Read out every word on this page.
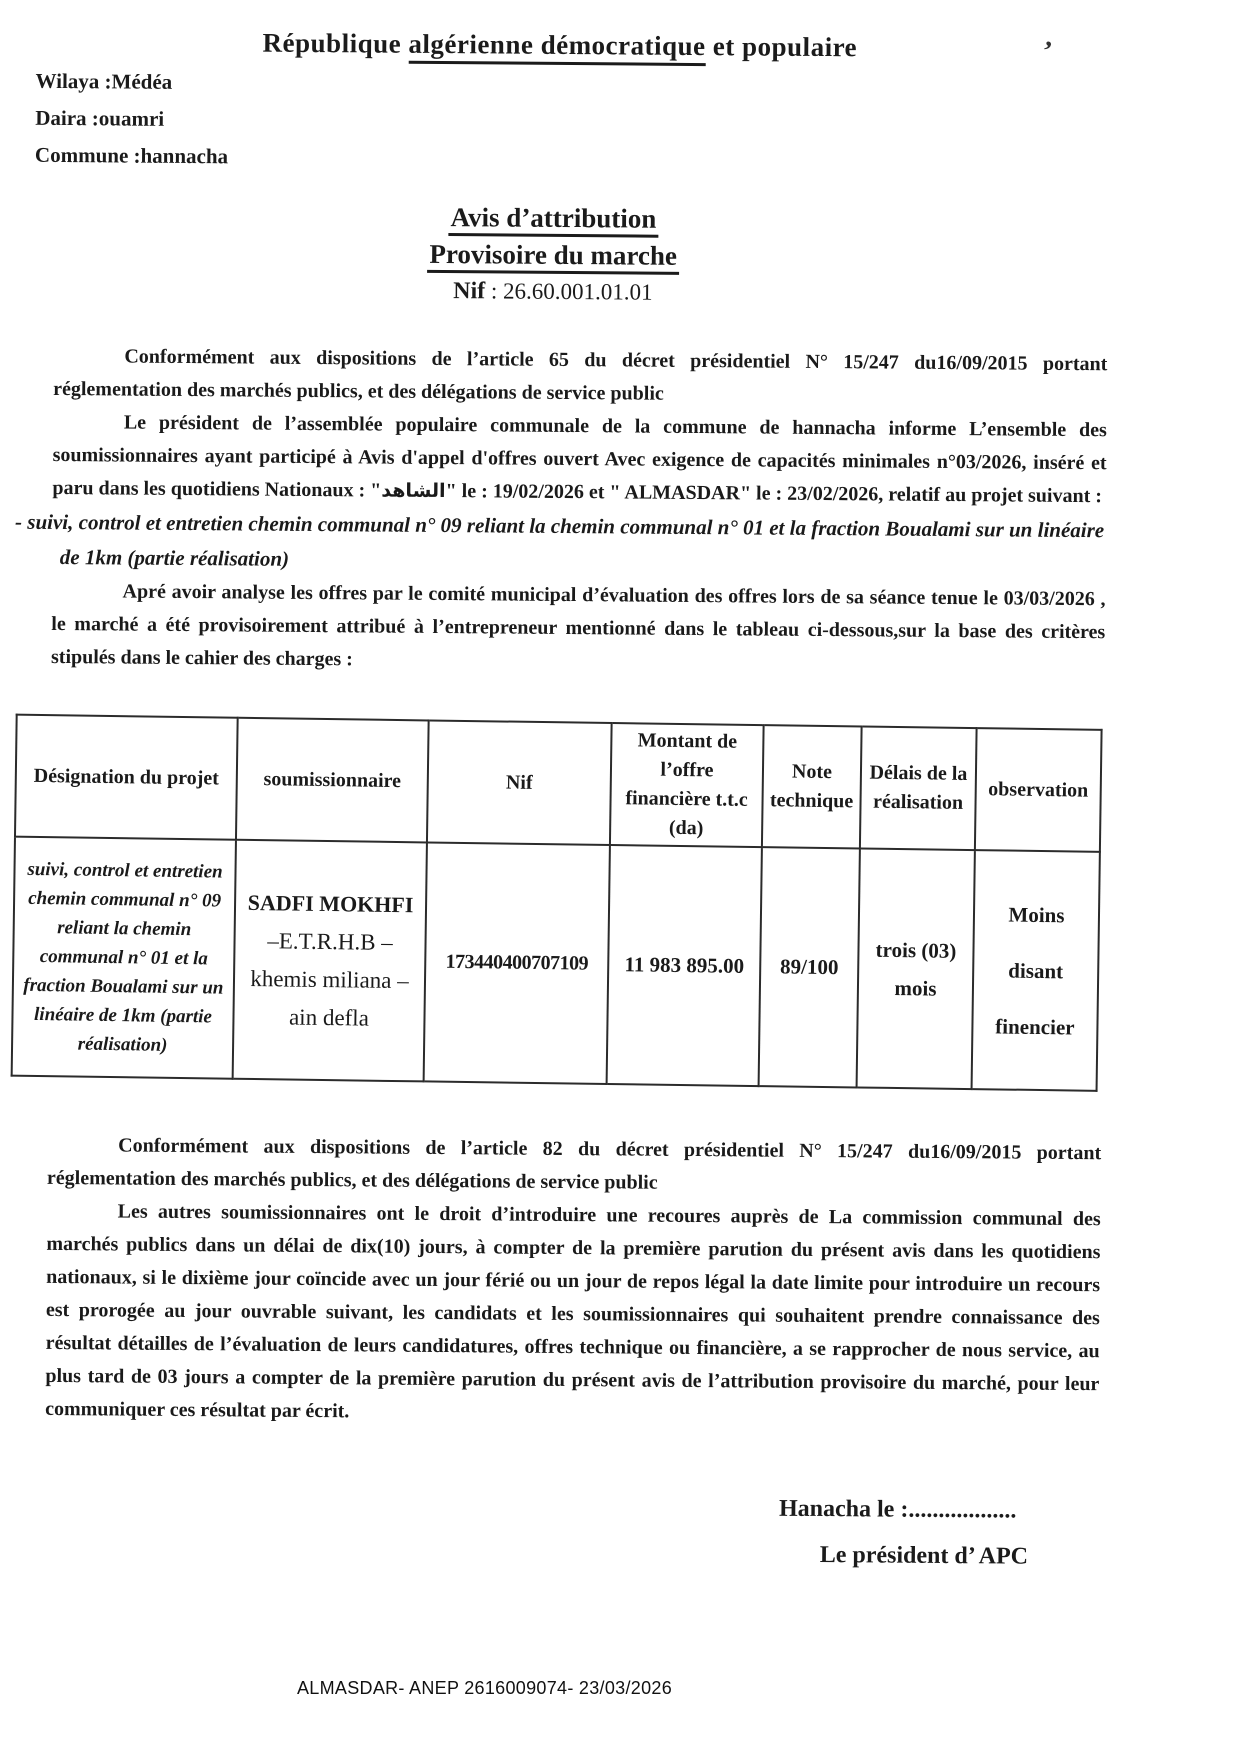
République algérienne démocratique et populaire
Wilaya :Médéa
Daira :ouamri
Commune :hannacha
Avis d’attribution
Provisoire du marche
Nif : 26.60.001.01.01

Conformément aux dispositions de l’article 65 du décret présidentiel N° 15/247 du16/09/2015 portant réglementation des marchés publics, et des délégations de service public

Le président de l’assemblée populaire communale de la commune de hannacha informe L’ensemble des soumissionnaires ayant participé à Avis d'appel d'offres ouvert Avec exigence de capacités minimales n°03/2026, inséré et paru dans les quotidiens Nationaux : "الشاهد" le : 19/02/2026 et " ALMASDAR" le : 23/02/2026, relatif au projet suivant :

- suivi, control et entretien chemin communal n° 09 reliant la chemin communal n° 01 et la fraction Boualami sur un linéaire de 1km (partie réalisation)

Apré avoir analyse les offres par le comité municipal d’évaluation des offres lors de sa séance tenue le 03/03/2026 , le marché a été provisoirement attribué à l’entrepreneur mentionné dans le tableau ci-dessous,sur la base des critères stipulés dans le cahier des charges :

Désignation du projet	soumissionnaire	Nif	Montant de l’offre financière t.t.c (da)	Note technique	Délais de la réalisation	observation
suivi, control et entretien chemin communal n° 09 reliant la chemin communal n° 01 et la fraction Boualami sur un linéaire de 1km (partie réalisation)	SADFI MOKHFI
–E.T.R.H.B –
khemis miliana –
ain defla	173440400707109	11 983 895.00	89/100	trois (03) mois	Moins disant finencier

Conformément aux dispositions de l’article 82 du décret présidentiel N° 15/247 du16/09/2015 portant réglementation des marchés publics, et des délégations de service public

Les autres soumissionnaires ont le droit d’introduire une recoures auprès de La commission communal des marchés publics dans un délai de dix(10) jours, à compter de la première parution du présent avis dans les quotidiens nationaux, si le dixième jour coïncide avec un jour férié ou un jour de repos légal la date limite pour introduire un recours est prorogée au jour ouvrable suivant, les candidats et les soumissionnaires qui souhaitent prendre connaissance des résultat détailles de l’évaluation de leurs candidatures, offres technique ou financière, a se rapprocher de nous service, au plus tard de 03 jours a compter de la première parution du présent avis de l’attribution provisoire du marché, pour leur communiquer ces résultat par écrit.

Hanacha le :..................
Le président d’ APC
ALMASDAR- ANEP 2616009074- 23/03/2026
’
